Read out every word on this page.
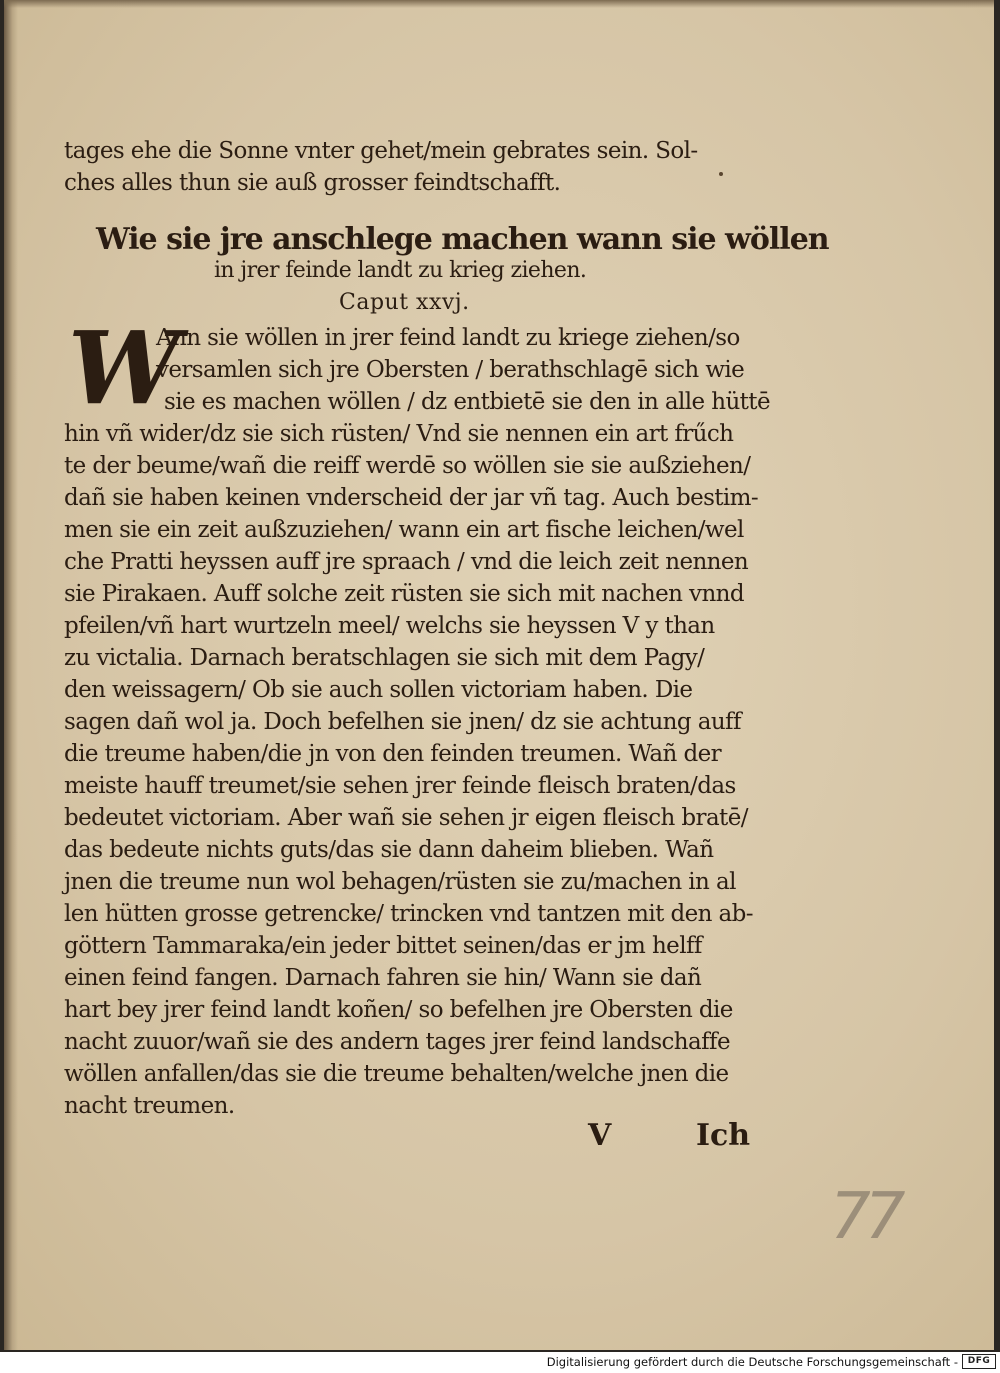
tages ehe die Sonne vnter gehet/mein gebrates sein. Sol-
ches alles thun sie auß grosser feindtschafft.
Wie sie jre anschlege machen wann sie wöllen
in jrer feinde landt zu krieg ziehen.
Caput xxvj.
W
Ann sie wöllen in jrer feind landt zu kriege ziehen/so
versamlen sich jre Obersten / berathschlagē sich wie
sie es machen wöllen / dz entbietē sie den in alle hüttē
hin vñ wider/dz sie sich rüsten/ Vnd sie nennen ein art frűch
te der beume/wañ die reiff werdē so wöllen sie sie außziehen/
dañ sie haben keinen vnderscheid der jar vñ tag. Auch bestim-
men sie ein zeit außzuziehen/ wann ein art fische leichen/wel
che Pratti heyssen auff jre spraach / vnd die leich zeit nennen
sie Pirakaen. Auff solche zeit rüsten sie sich mit nachen vnnd
pfeilen/vñ hart wurtzeln meel/ welchs sie heyssen V y than
zu victalia. Darnach beratschlagen sie sich mit dem Pagy/
den weissagern/ Ob sie auch sollen victoriam haben. Die
sagen dañ wol ja. Doch befelhen sie jnen/ dz sie achtung auff
die treume haben/die jn von den feinden treumen. Wañ der
meiste hauff treumet/sie sehen jrer feinde fleisch braten/das
bedeutet victoriam. Aber wañ sie sehen jr eigen fleisch bratē/
das bedeute nichts guts/das sie dann daheim blieben. Wañ
jnen die treume nun wol behagen/rüsten sie zu/machen in al
len hütten grosse getrencke/ trincken vnd tantzen mit den ab-
göttern Tammaraka/ein jeder bittet seinen/das er jm helff
einen feind fangen. Darnach fahren sie hin/ Wann sie dañ
hart bey jrer feind landt koñen/ so befelhen jre Obersten die
nacht zuuor/wañ sie des andern tages jrer feind landschaffe
wöllen anfallen/das sie die treume behalten/welche jnen die
nacht treumen.
V	Ich
77
Digitalisierung gefördert durch die Deutsche Forschungsgemeinschaft -	DFG
